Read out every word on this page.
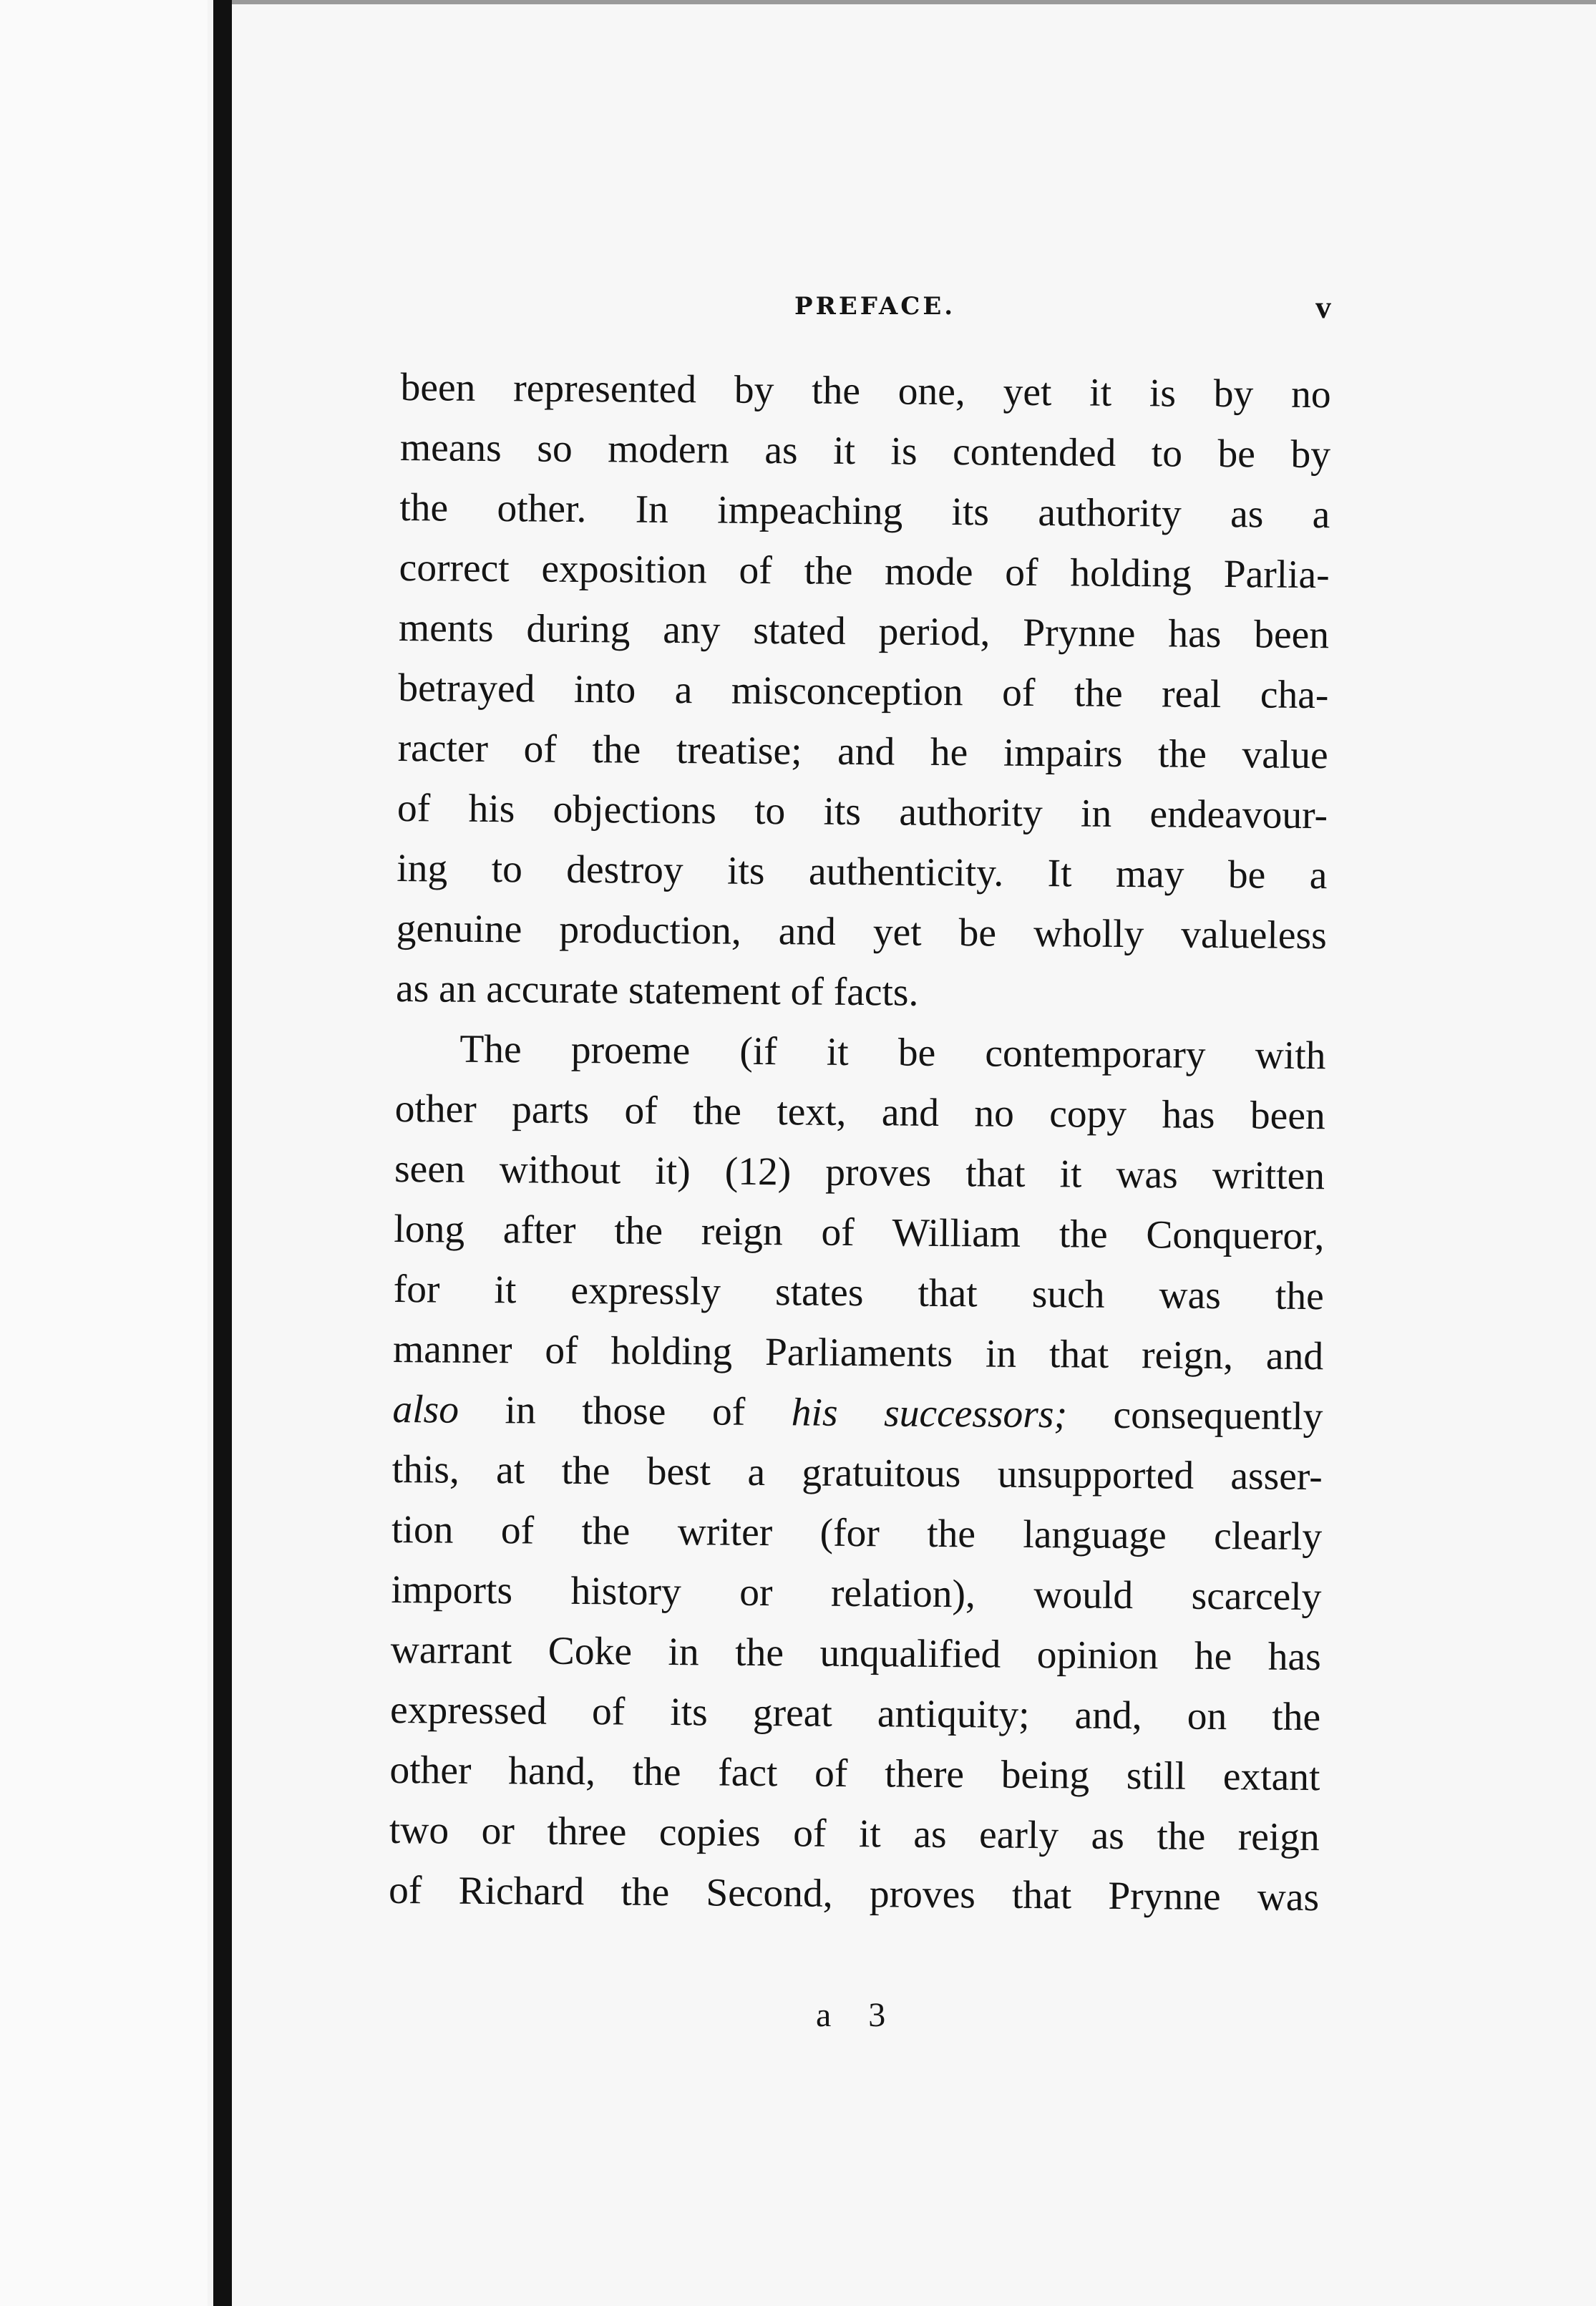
PREFACE.	v
been represented by the one, yet it is by no
means so modern as it is contended to be by
the other. In impeaching its authority as a
correct exposition of the mode of holding Parlia-
ments during any stated period, Prynne has been
betrayed into a misconception of the real cha-
racter of the treatise; and he impairs the value
of his objections to its authority in endeavour-
ing to destroy its authenticity. It may be a
genuine production, and yet be wholly valueless
as an accurate statement of facts.
The proeme (if it be contemporary with
other parts of the text, and no copy has been
seen without it) (12) proves that it was written
long after the reign of William the Conqueror,
for it expressly states that such was the
manner of holding Parliaments in that reign, and
also in those of his successors; consequently
this, at the best a gratuitous unsupported asser-
tion of the writer (for the language clearly
imports history or relation), would scarcely
warrant Coke in the unqualified opinion he has
expressed of its great antiquity; and, on the
other hand, the fact of there being still extant
two or three copies of it as early as the reign
of Richard the Second, proves that Prynne was
a 3
